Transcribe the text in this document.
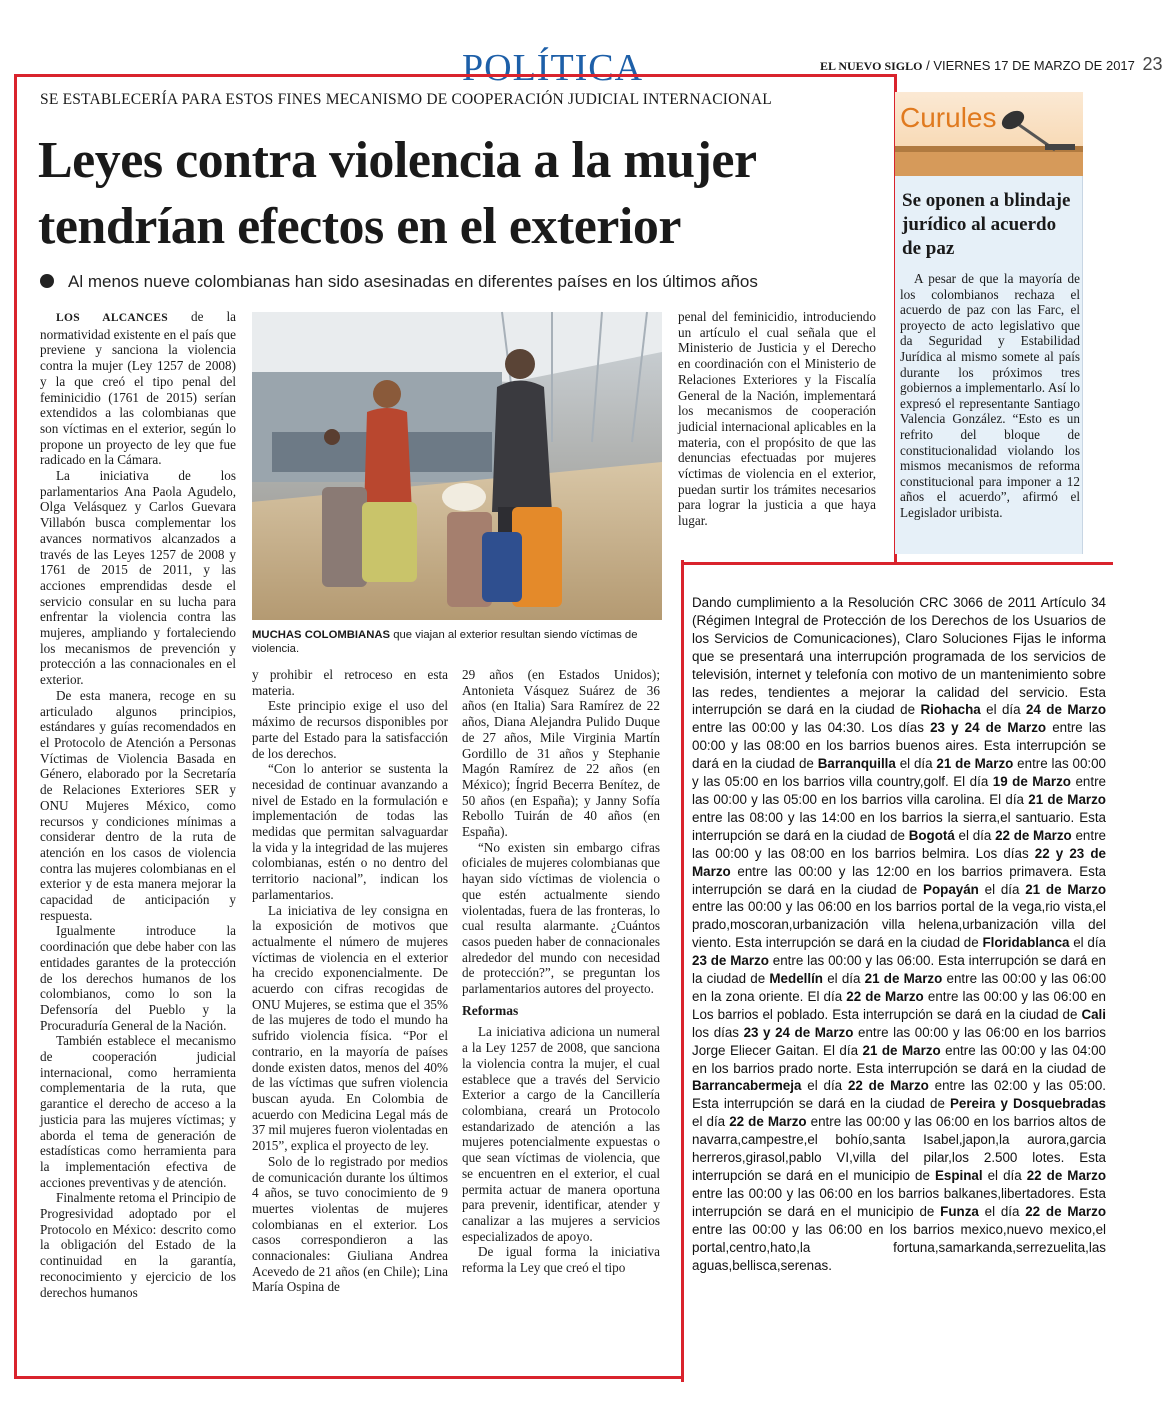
POLÍTICA	EL NUEVO SIGLO / VIERNES 17 DE MARZO DE 2017 23
SE ESTABLECERÍA PARA ESTOS FINES MECANISMO DE COOPERACIÓN JUDICIAL INTERNACIONAL
Leyes contra violencia a la mujer
tendrían efectos en el exterior
Al menos nueve colombianas han sido asesinadas en diferentes países en los últimos años

LOS ALCANCES de la normatividad existente en el país que previene y sanciona la violencia contra la mujer (Ley 1257 de 2008) y la que creó el tipo penal del feminicidio (1761 de 2015) serían extendidos a las colombianas que son víctimas en el exterior, según lo propone un proyecto de ley que fue radicado en la Cámara.

La iniciativa de los parlamentarios Ana Paola Agudelo, Olga Velásquez y Carlos Guevara Villabón busca complementar los avances normativos alcanzados a través de las Leyes 1257 de 2008 y 1761 de 2015 de 2011, y las acciones emprendidas desde el servicio consular en su lucha para enfrentar la violencia contra las mujeres, ampliando y fortaleciendo los mecanismos de prevención y protección a las connacionales en el exterior.

De esta manera, recoge en su articulado algunos principios, estándares y guías recomendados en el Protocolo de Atención a Personas Víctimas de Violencia Basada en Género, elaborado por la Secretaría de Relaciones Exteriores SER y ONU Mujeres México, como recursos y condiciones mínimas a considerar dentro de la ruta de atención en los casos de violencia contra las mujeres colombianas en el exterior y de esta manera mejorar la capacidad de anticipación y respuesta.

Igualmente introduce la coordinación que debe haber con las entidades garantes de la protección de los derechos humanos de los colombianos, como lo son la Defensoría del Pueblo y la Procuraduría General de la Nación.

También establece el mecanismo de cooperación judicial internacional, como herramienta complementaria de la ruta, que garantice el derecho de acceso a la justicia para las mujeres víctimas; y aborda el tema de generación de estadísticas como herramienta para la implementación efectiva de acciones preventivas y de atención.

Finalmente retoma el Principio de Progresividad adoptado por el Protocolo en México: descrito como la obligación del Estado de la continuidad en la garantía, reconocimiento y ejercicio de los derechos humanos

MUCHAS COLOMBIANAS que viajan al exterior resultan siendo víctimas de violencia.

y prohibir el retroceso en esta materia.

Este principio exige el uso del máximo de recursos disponibles por parte del Estado para la satisfacción de los derechos.

“Con lo anterior se sustenta la necesidad de continuar avanzando a nivel de Estado en la formulación e implementación de todas las medidas que permitan salvaguardar la vida y la integridad de las mujeres colombianas, estén o no dentro del territorio nacional”, indican los parlamentarios.

La iniciativa de ley consigna en la exposición de motivos que actualmente el número de mujeres víctimas de violencia en el exterior ha crecido exponencialmente. De acuerdo con cifras recogidas de ONU Mujeres, se estima que el 35% de las mujeres de todo el mundo ha sufrido violencia física. “Por el contrario, en la mayoría de países donde existen datos, menos del 40% de las víctimas que sufren violencia buscan ayuda. En Colombia de acuerdo con Medicina Legal más de 37 mil mujeres fueron violentadas en 2015”, explica el proyecto de ley.

Solo de lo registrado por medios de comunicación durante los últimos 4 años, se tuvo conocimiento de 9 muertes violentas de mujeres colombianas en el exterior. Los casos correspondieron a las connacionales: Giuliana Andrea Acevedo de 21 años (en Chile); Lina María Ospina de

29 años (en Estados Unidos); Antonieta Vásquez Suárez de 36 años (en Italia) Sara Ramírez de 22 años, Diana Alejandra Pulido Duque de 27 años, Mile Virginia Martín Gordillo de 31 años y Stephanie Magón Ramírez de 22 años (en México); Íngrid Becerra Benítez, de 50 años (en España); y Janny Sofía Rebollo Tuirán de 40 años (en España).

“No existen sin embargo cifras oficiales de mujeres colombianas que hayan sido víctimas de violencia o que estén actualmente siendo violentadas, fuera de las fronteras, lo cual resulta alarmante. ¿Cuántos casos pueden haber de connacionales alrededor del mundo con necesidad de protección?”, se preguntan los parlamentarios autores del proyecto.

Reformas

La iniciativa adiciona un numeral a la Ley 1257 de 2008, que sanciona la violencia contra la mujer, el cual establece que a través del Servicio Exterior a cargo de la Cancillería colombiana, creará un Protocolo estandarizado de atención a las mujeres potencialmente expuestas o que sean víctimas de violencia, que se encuentren en el exterior, el cual permita actuar de manera oportuna para prevenir, identificar, atender y canalizar a las mujeres a servicios especializados de apoyo.

De igual forma la iniciativa reforma la Ley que creó el tipo

penal del feminicidio, introduciendo un artículo el cual señala que el Ministerio de Justicia y el Derecho en coordinación con el Ministerio de Relaciones Exteriores y la Fiscalía General de la Nación, implementará los mecanismos de cooperación judicial internacional aplicables en la materia, con el propósito de que las denuncias efectuadas por mujeres víctimas de violencia en el exterior, puedan surtir los trámites necesarios para lograr la justicia a que haya lugar.

Curules
Se oponen a blindaje jurídico al acuerdo de paz

A pesar de que la mayoría de los colombianos rechaza el acuerdo de paz con las Farc, el proyecto de acto legislativo que da Seguridad y Estabilidad Jurídica al mismo somete al país durante los próximos tres gobiernos a implementarlo. Así lo expresó el representante Santiago Valencia González. “Esto es un refrito del bloque de constitucionalidad violando los mismos mecanismos de reforma constitucional para imponer a 12 años el acuerdo”, afirmó el Legislador uribista.

Dando cumplimiento a la Resolución CRC 3066 de 2011 Artículo 34 (Régimen Integral de Protección de los Derechos de los Usuarios de los Servicios de Comunicaciones), Claro Soluciones Fijas le informa que se presentará una interrupción programada de los servicios de televisión, internet y telefonía con motivo de un mantenimiento sobre las redes, tendientes a mejorar la calidad del servicio. Esta interrupción se dará en la ciudad de Riohacha el día 24 de Marzo entre las 00:00 y las 04:30. Los días 23 y 24 de Marzo entre las 00:00 y las 08:00 en los barrios buenos aires. Esta interrupción se dará en la ciudad de Barranquilla el día 21 de Marzo entre las 00:00 y las 05:00 en los barrios villa country,golf. El día 19 de Marzo entre las 00:00 y las 05:00 en los barrios villa carolina. El día 21 de Marzo entre las 08:00 y las 14:00 en los barrios la sierra,el santuario. Esta interrupción se dará en la ciudad de Bogotá el día 22 de Marzo entre las 00:00 y las 08:00 en los barrios belmira. Los días 22 y 23 de Marzo entre las 00:00 y las 12:00 en los barrios primavera. Esta interrupción se dará en la ciudad de Popayán el día 21 de Marzo entre las 00:00 y las 06:00 en los barrios portal de la vega,rio vista,el prado,moscoran,urbanización villa helena,urbanización villa del viento. Esta interrupción se dará en la ciudad de Floridablanca el día 23 de Marzo entre las 00:00 y las 06:00. Esta interrupción se dará en la ciudad de Medellín el día 21 de Marzo entre las 00:00 y las 06:00 en la zona oriente. El día 22 de Marzo entre las 00:00 y las 06:00 en Los barrios el poblado. Esta interrupción se dará en la ciudad de Cali los días 23 y 24 de Marzo entre las 00:00 y las 06:00 en los barrios Jorge Eliecer Gaitan. El día 21 de Marzo entre las 00:00 y las 04:00 en los barrios prado norte. Esta interrupción se dará en la ciudad de Barrancabermeja el día 22 de Marzo entre las 02:00 y las 05:00. Esta interrupción se dará en la ciudad de Pereira y Dosquebradas el día 22 de Marzo entre las 00:00 y las 06:00 en los barrios altos de navarra,campestre,el bohío,santa Isabel,japon,la aurora,garcia herreros,girasol,pablo VI,villa del pilar,los 2.500 lotes. Esta interrupción se dará en el municipio de Espinal el día 22 de Marzo entre las 00:00 y las 06:00 en los barrios balkanes,libertadores. Esta interrupción se dará en el municipio de Funza el día 22 de Marzo entre las 00:00 y las 06:00 en los barrios mexico,nuevo mexico,el portal,centro,hato,la fortuna,samarkanda,serrezuelita,las aguas,bellisca,serenas.
